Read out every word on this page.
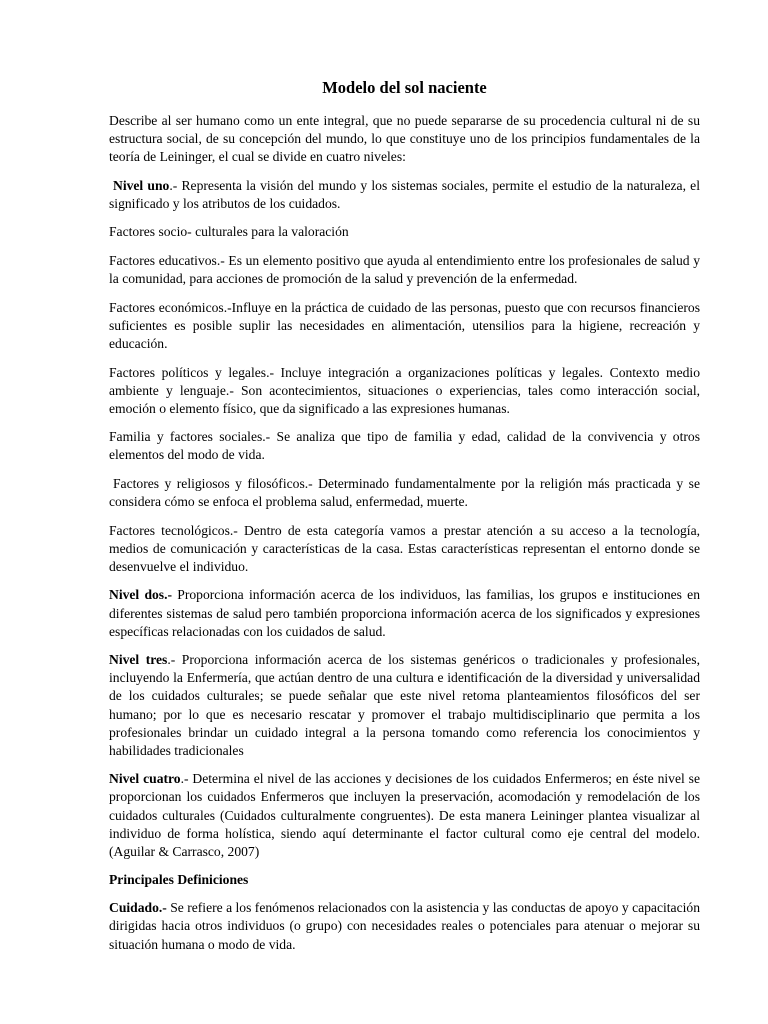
Modelo del sol naciente

Describe al ser humano como un ente integral, que no puede separarse de su procedencia cultural ni de su estructura social, de su concepción del mundo, lo que constituye uno de los principios fundamentales de la teoría de Leininger, el cual se divide en cuatro niveles:

Nivel uno.- Representa la visión del mundo y los sistemas sociales, permite el estudio de la naturaleza, el significado y los atributos de los cuidados.

Factores socio- culturales para la valoración

Factores educativos.- Es un elemento positivo que ayuda al entendimiento entre los profesionales de salud y la comunidad, para acciones de promoción de la salud y prevención de la enfermedad.

Factores económicos.-Influye en la práctica de cuidado de las personas, puesto que con recursos financieros suficientes es posible suplir las necesidades en alimentación, utensilios para la higiene, recreación y educación.

Factores políticos y legales.- Incluye integración a organizaciones políticas y legales. Contexto medio ambiente y lenguaje.- Son acontecimientos, situaciones o experiencias, tales como interacción social, emoción o elemento físico, que da significado a las expresiones humanas.

Familia y factores sociales.- Se analiza que tipo de familia y edad, calidad de la convivencia y otros elementos del modo de vida.

Factores y religiosos y filosóficos.- Determinado fundamentalmente por la religión más practicada y se considera cómo se enfoca el problema salud, enfermedad, muerte.

Factores tecnológicos.- Dentro de esta categoría vamos a prestar atención a su acceso a la tecnología, medios de comunicación y características de la casa. Estas características representan el entorno donde se desenvuelve el individuo.

Nivel dos.- Proporciona información acerca de los individuos, las familias, los grupos e instituciones en diferentes sistemas de salud pero también proporciona información acerca de los significados y expresiones específicas relacionadas con los cuidados de salud.

Nivel tres.- Proporciona información acerca de los sistemas genéricos o tradicionales y profesionales, incluyendo la Enfermería, que actúan dentro de una cultura e identificación de la diversidad y universalidad de los cuidados culturales; se puede señalar que este nivel retoma planteamientos filosóficos del ser humano; por lo que es necesario rescatar y promover el trabajo multidisciplinario que permita a los profesionales brindar un cuidado integral a la persona tomando como referencia los conocimientos y habilidades tradicionales

Nivel cuatro.- Determina el nivel de las acciones y decisiones de los cuidados Enfermeros; en éste nivel se proporcionan los cuidados Enfermeros que incluyen la preservación, acomodación y remodelación de los cuidados culturales (Cuidados culturalmente congruentes). De esta manera Leininger plantea visualizar al individuo de forma holística, siendo aquí determinante el factor cultural como eje central del modelo. (Aguilar & Carrasco, 2007)

Principales Definiciones

Cuidado.- Se refiere a los fenómenos relacionados con la asistencia y las conductas de apoyo y capacitación dirigidas hacia otros individuos (o grupo) con necesidades reales o potenciales para atenuar o mejorar su situación humana o modo de vida.
